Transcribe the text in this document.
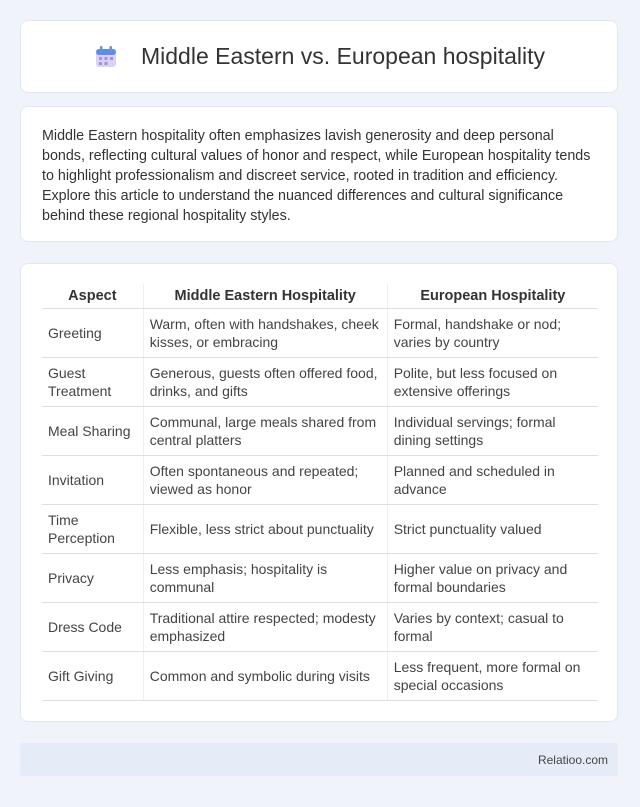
Middle Eastern vs. European hospitality

Middle Eastern hospitality often emphasizes lavish generosity and deep personal bonds, reflecting cultural values of honor and respect, while European hospitality tends to highlight professionalism and discreet service, rooted in tradition and efficiency. Explore this article to understand the nuanced differences and cultural significance behind these regional hospitality styles.

Aspect	Middle Eastern Hospitality	European Hospitality
Greeting	Warm, often with handshakes, cheek kisses, or embracing	Formal, handshake or nod; varies by country
Guest Treatment	Generous, guests often offered food, drinks, and gifts	Polite, but less focused on extensive offerings
Meal Sharing	Communal, large meals shared from central platters	Individual servings; formal dining settings
Invitation	Often spontaneous and repeated; viewed as honor	Planned and scheduled in advance
Time Perception	Flexible, less strict about punctuality	Strict punctuality valued
Privacy	Less emphasis; hospitality is communal	Higher value on privacy and formal boundaries
Dress Code	Traditional attire respected; modesty emphasized	Varies by context; casual to formal
Gift Giving	Common and symbolic during visits	Less frequent, more formal on special occasions
Relatioo.com
